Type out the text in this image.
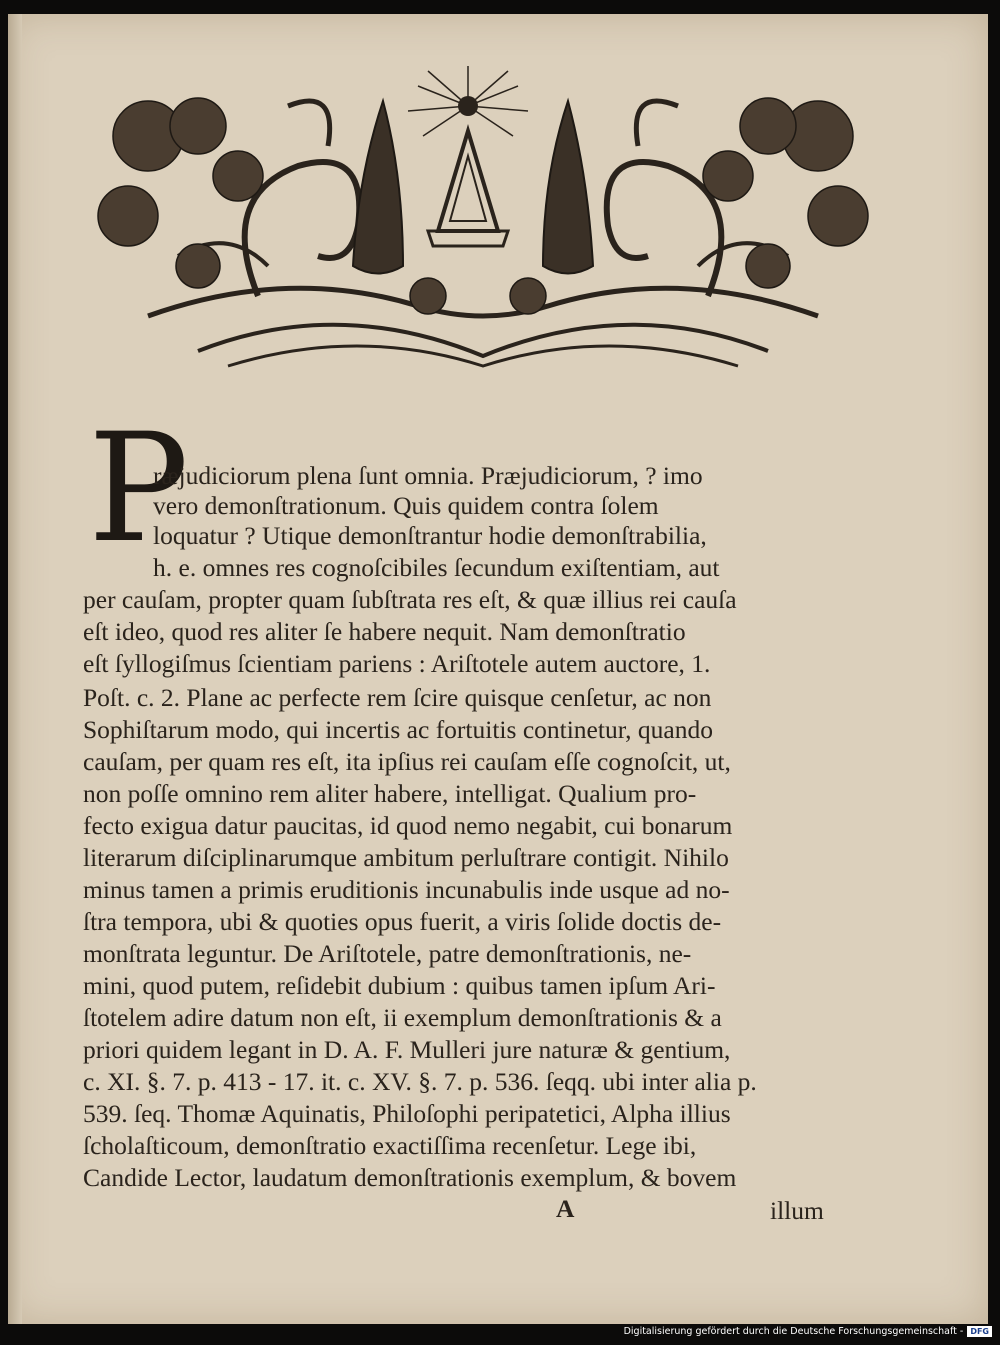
P
ræjudiciorum plena ſunt omnia. Præjudiciorum, ? imo
vero demonſtrationum. Quis quidem contra ſolem
loquatur ? Utique demonſtrantur hodie demonſtrabilia,
h. e. omnes res cognoſcibiles ſecundum exiſtentiam, aut
per cauſam, propter quam ſubſtrata res eſt, & quæ illius rei cauſa
eſt ideo, quod res aliter ſe habere nequit. Nam demonſtratio
eſt ſyllogiſmus ſcientiam pariens : Ariſtotele autem auctore, 1.
Poſt. c. 2. Plane ac perfecte rem ſcire quisque cenſetur, ac non
Sophiſtarum modo, qui incertis ac fortuitis continetur, quando
cauſam, per quam res eſt, ita ipſius rei cauſam eſſe cognoſcit, ut,
non poſſe omnino rem aliter habere, intelligat. Qualium pro-
fecto exigua datur paucitas, id quod nemo negabit, cui bonarum
literarum diſciplinarumque ambitum perluſtrare contigit. Nihilo
minus tamen a primis eruditionis incunabulis inde usque ad no-
ſtra tempora, ubi & quoties opus fuerit, a viris ſolide doctis de-
monſtrata leguntur. De Ariſtotele, patre demonſtrationis, ne-
mini, quod putem, reſidebit dubium : quibus tamen ipſum Ari-
ſtotelem adire datum non eſt, ii exemplum demonſtrationis & a
priori quidem legant in D. A. F. Mulleri jure naturæ & gentium,
c. XI. §. 7. p. 413 - 17. it. c. XV. §. 7. p. 536. ſeqq. ubi inter alia p.
539. ſeq. Thomæ Aquinatis, Philoſophi peripatetici, Alpha illius
ſcholaſticoum, demonſtratio exactiſſima recenſetur. Lege ibi,
Candide Lector, laudatum demonſtrationis exemplum, & bovem
A	illum
Digitalisierung gefördert durch die Deutsche Forschungsgemeinschaft - DFG
